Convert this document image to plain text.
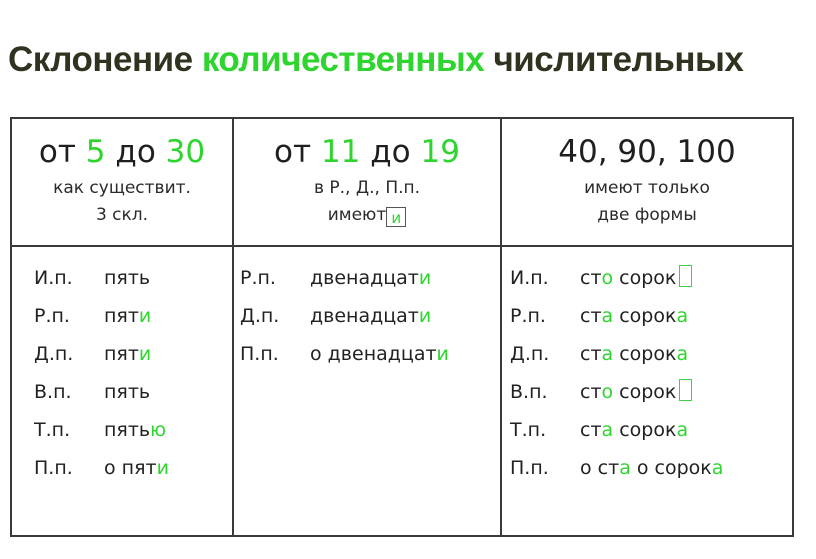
Склонение количественных числительных
от 5 до 30
как существит.
3 скл.
от 11 до 19
в Р., Д., П.п.
имеют и
40, 90, 100
имеют только
две формы
И.п. пять
Р.п. пяти
Д.п. пяти
В.п. пять
Т.п. пятью
П.п. о пяти
Р.п. двенадцати
Д.п. двенадцати
П.п. о двенадцати
И.п. сто сорок
Р.п. ста сорока
Д.п. ста сорока
В.п. сто сорок
Т.п. ста сорока
П.п. о ста о сорока
